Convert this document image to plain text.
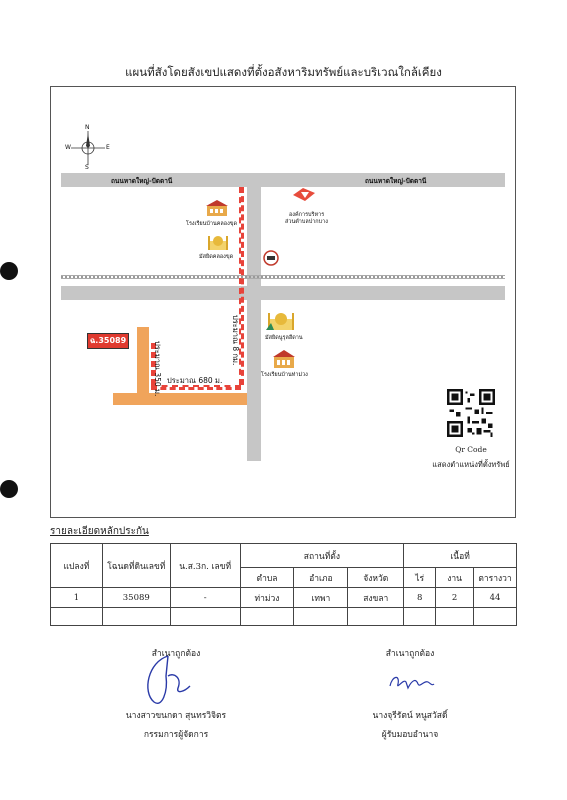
แผนที่สังโดยสังเขปแสดงที่ตั้งอสังหาริมทรัพย์และบริเวณใกล้เคียง
N
S
W	E
ถนนหาดใหญ่-ปัตตานี	ถนนหาดใหญ่-ปัตตานี
ฉ.35089	ประมาณ 8 กม.
ประมาณ 350 ม. ประมาณ 680 ม.
โรงเรียนบ้านคลองขุด
มัสยิดคลองขุด
องค์การบริหาร
ส่วนตำบลปากบาง
มัสยิดนูรุลฮีดาน
โรงเรียนบ้านท่าม่วง
Qr Code
แสดงตำแหน่งที่ตั้งทรัพย์
รายละเอียดหลักประกัน
แปลงที่	โฉนดที่ดินเลขที่	น.ส.3ก. เลขที่	สถานที่ตั้ง			เนื้อที่		
			ตำบล	อำเภอ	จังหวัด	ไร่	งาน	ตารางวา
1	35089	-	ท่าม่วง	เทพา	สงขลา	8	2	44

สำเนาถูกต้อง
นางสาวขนกดา สุนทรวิจิตร
กรรมการผู้จัดการ
สำเนาถูกต้อง
นางจุรีรัตน์ หนูสวัสดิ์
ผู้รับมอบอำนาจ
